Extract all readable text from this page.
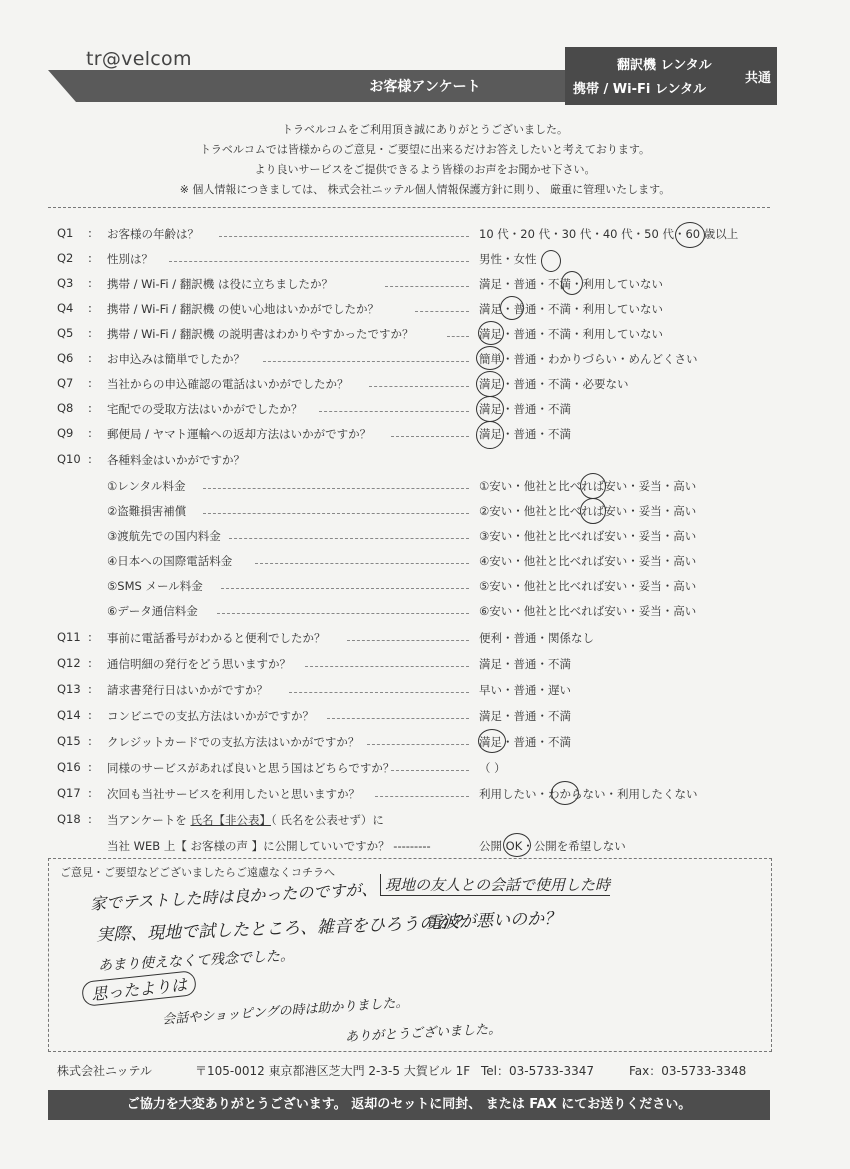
tr@velcom
お客様アンケート
翻訳機 レンタル
携帯 / Wi-Fi レンタル
共通
トラベルコムをご利用頂き誠にありがとうございました。
トラベルコムでは皆様からのご意見・ご要望に出来るだけお答えしたいと考えております。
より良いサービスをご提供できるよう皆様のお声をお聞かせ下さい。
※ 個人情報につきましては、 株式会社ニッテル個人情報保護方針に則り、 厳重に管理いたします。
Q1	: お客様の年齢は？	10 代・20 代・30 代・40 代・50 代・60 歳以上
Q2	: 性別は？	男性・女性
Q3	: 携帯 / Wi-Fi / 翻訳機 は役に立ちましたか？	満足・普通・不満・利用していない
Q4	: 携帯 / Wi-Fi / 翻訳機 の使い心地はいかがでしたか？	満足・普通・不満・利用していない
Q5	: 携帯 / Wi-Fi / 翻訳機 の説明書はわかりやすかったですか？	満足・普通・不満・利用していない
Q6	: お申込みは簡単でしたか？	簡単・普通・わかりづらい・めんどくさい
Q7	: 当社からの申込確認の電話はいかがでしたか？	満足・普通・不満・必要ない
Q8	: 宅配での受取方法はいかがでしたか？	満足・普通・不満
Q9	: 郵便局 / ヤマト運輸への返却方法はいかがですか？	満足・普通・不満
Q10 : 各種料金はいかがですか？
①レンタル料金	①安い・他社と比べれば安い・妥当・高い
②盗難損害補償	②安い・他社と比べれば安い・妥当・高い
③渡航先での国内料金	③安い・他社と比べれば安い・妥当・高い
④日本への国際電話料金	④安い・他社と比べれば安い・妥当・高い
⑤SMS メール料金	⑤安い・他社と比べれば安い・妥当・高い
⑥データ通信料金	⑥安い・他社と比べれば安い・妥当・高い
Q11 : 事前に電話番号がわかると便利でしたか？	便利・普通・関係なし
Q12 : 通信明細の発行をどう思いますか？	満足・普通・不満
Q13 : 請求書発行日はいかがですか？	早い・普通・遅い
Q14 : コンビニでの支払方法はいかがですか？	満足・普通・不満
Q15 : クレジットカードでの支払方法はいかがですか？	満足・普通・不満
Q16 : 同様のサービスがあれば良いと思う国はどちらですか？	（ ）
Q17 : 次回も当社サービスを利用したいと思いますか？	利用したい・わからない・利用したくない
Q18 : 当アンケートを 氏名【非公表】（ 氏名を公表せず）に
当社 WEB 上【 お客様の声 】に公開していいですか？ ---------	公開 OK・公開を希望しない
ご意見・ご要望などございましたらご遠慮なくコチラへ
家でテストした時は良かったのですが、 現地の友人との会話で使用した時
実際、現地で試したところ、雑音をひろうのか？
電波が悪いのか？
あまり使えなくて残念でした。
思ったよりは
会話やショッピングの時は助かりました。
ありがとうございました。
株式会社ニッテル	〒105-0012 東京都港区芝大門 2-3-5 大賀ビル 1F Tel：03-5733-3347	Fax：03-5733-3348
ご協力を大変ありがとうございます。 返却のセットに同封、 または FAX にてお送りください。
